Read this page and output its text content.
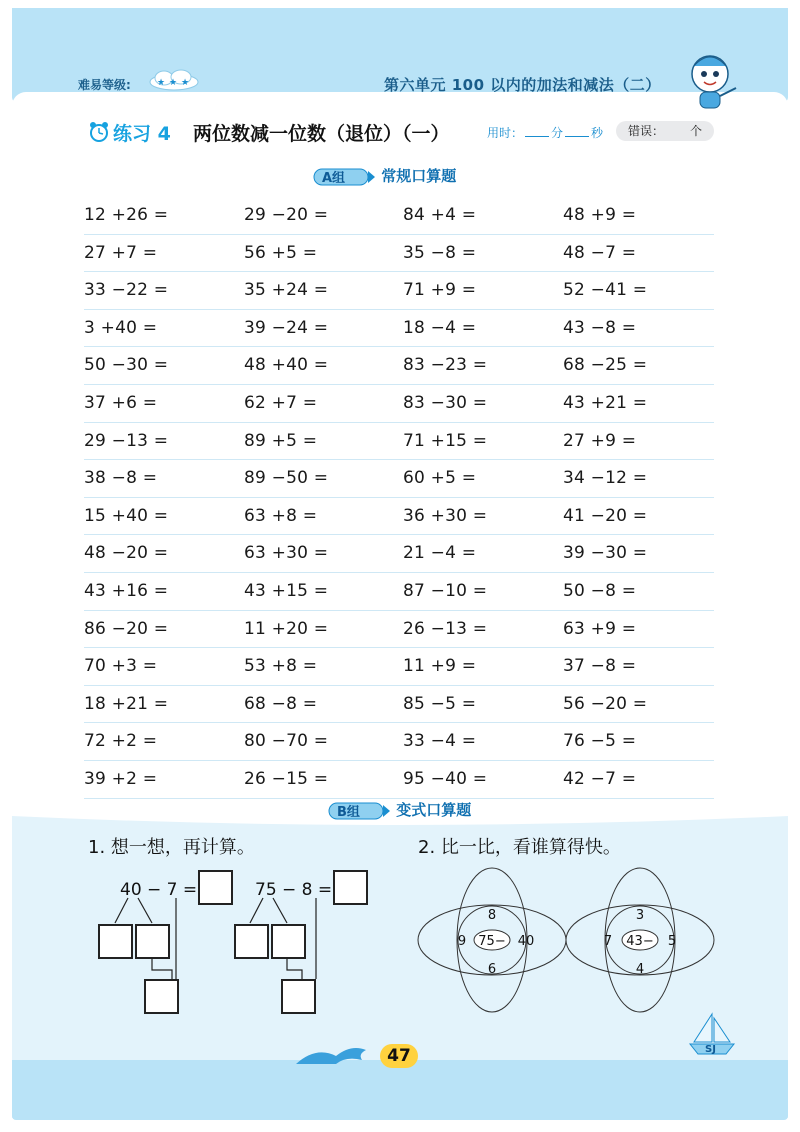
难易等级:	★ ★ ★	第六单元 100 以内的加法和减法（二）
练习 4 两位数减一位数（退位）（一）	用时： 分 秒 错误： 个
A组 常规口算题
12 +26 =	29 −20 =	84 +4 =	48 +9 =
27 +7 =	56 +5 =	35 −8 =	48 −7 =
33 −22 =	35 +24 =	71 +9 =	52 −41 =
3 +40 =	39 −24 =	18 −4 =	43 −8 =
50 −30 =	48 +40 =	83 −23 =	68 −25 =
37 +6 =	62 +7 =	83 −30 =	43 +21 =
29 −13 =	89 +5 =	71 +15 =	27 +9 =
38 −8 =	89 −50 =	60 +5 =	34 −12 =
15 +40 =	63 +8 =	36 +30 =	41 −20 =
48 −20 =	63 +30 =	21 −4 =	39 −30 =
43 +16 =	43 +15 =	87 −10 =	50 −8 =
86 −20 =	11 +20 =	26 −13 =	63 +9 =
70 +3 =	53 +8 =	11 +9 =	37 −8 =
18 +21 =	68 −8 =	85 −5 =	56 −20 =
72 +2 =	80 −70 =	33 −4 =	76 −5 =
39 +2 =	26 −15 =	95 −40 =	42 −7 =
B组 变式口算题
1. 想一想，再计算。	2. 比一比，看谁算得快。
40 − 7 =	75 − 8 =
75−
8
9	40
6
43−
3
7	5
4
47	SJ
